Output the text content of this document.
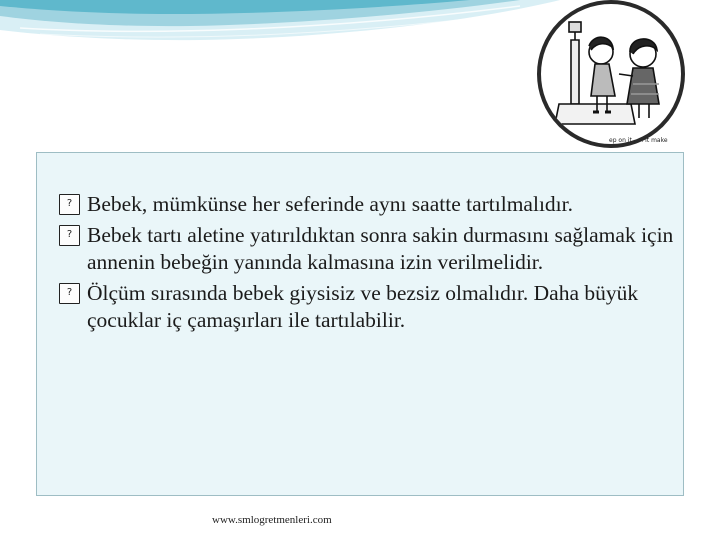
ep on it . . . it make
? Bebek, mümkünse her seferinde aynı saatte tartılmalıdır.
? Bebek tartı aletine yatırıldıktan sonra sakin durmasını sağlamak için annenin bebeğin yanında kalmasına izin verilmelidir.
? Ölçüm sırasında bebek giysisiz ve bezsiz olmalıdır. Daha büyük çocuklar iç çamaşırları ile tartılabilir.
www.smlogretmenleri.com
